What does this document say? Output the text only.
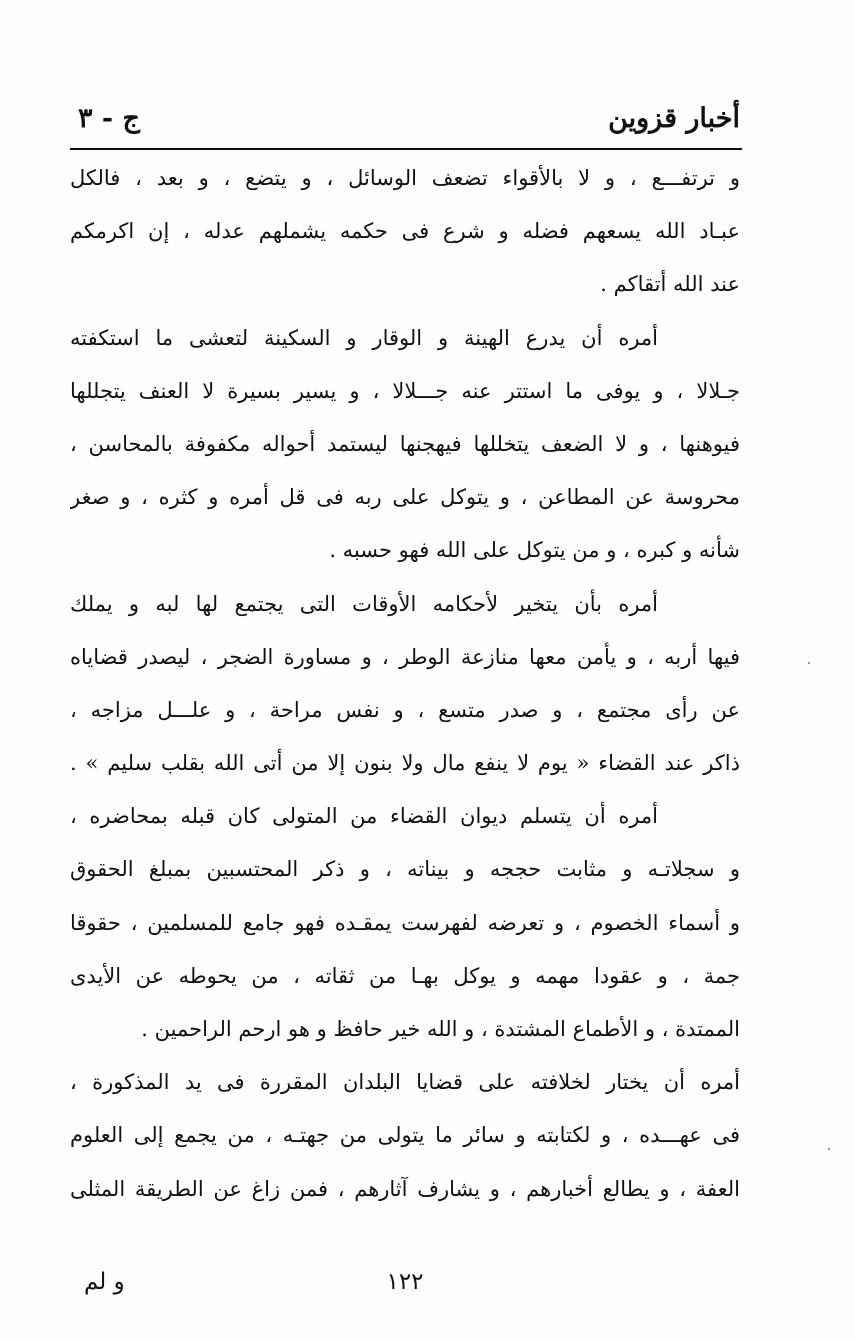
أخبار قزوين
ج - ٣
و ترتفـــع ، و لا بالأقواء تضعف الوسائل ، و يتضع ، و بعد ، فالكل
عبـاد الله يسعهم فضله و شرع فى حكمه يشملهم عدله ، إن اكرمكم
عند الله أتقاكم .
أمره أن يدرع الهينة و الوقار و السكينة لتعشى ما استكفته
جـلالا ، و يوفى ما استتر عنه جـــلالا ، و يسير بسيرة لا العنف يتجللها
فيوهنها ، و لا الضعف يتخللها فيهجنها ليستمد أحواله مكفوفة بالمحاسن ،
محروسة عن المطاعن ، و يتوكل على ربه فى قل أمره و كثره ، و صغر
شأنه و كبره ، و من يتوكل على الله فهو حسبه .
أمره بأن يتخير لأحكامه الأوقات التى يجتمع لها لبه و يملك
فيها أربه ، و يأمن معها منازعة الوطر ، و مساورة الضجر ، ليصدر قضاياه
عن رأى مجتمع ، و صدر متسع ، و نفس مراحة ، و علـــل مزاجه ،
ذاكر عند القضاء « يوم لا ينفع مال ولا بنون إلا من أتى الله بقلب سليم » .
أمره أن يتسلم ديوان القضاء من المتولى كان قبله بمحاضره ،
و سجلاتـه و مثابت حججه و بيناته ، و ذكر المحتسبين بمبلغ الحقوق
و أسماء الخصوم ، و تعرضه لفهرست يمقـده فهو جامع للمسلمين ، حقوقا
جمة ، و عقودا مهمه و يوكل بهـا من ثقاته ، من يحوطه عن الأيدى
الممتدة ، و الأطماع المشتدة ، و الله خير حافظ و هو ارحم الراحمين .
أمره أن يختار لخلافته على قضايا البلدان المقررة فى يد المذكورة ،
فى عهـــده ، و لكتابته و سائر ما يتولى من جهتـه ، من يجمع إلى العلوم
العفة ، و يطالع أخبارهم ، و يشارف آثارهم ، فمن زاغ عن الطريقة المثلى
١٢٢
و لم
